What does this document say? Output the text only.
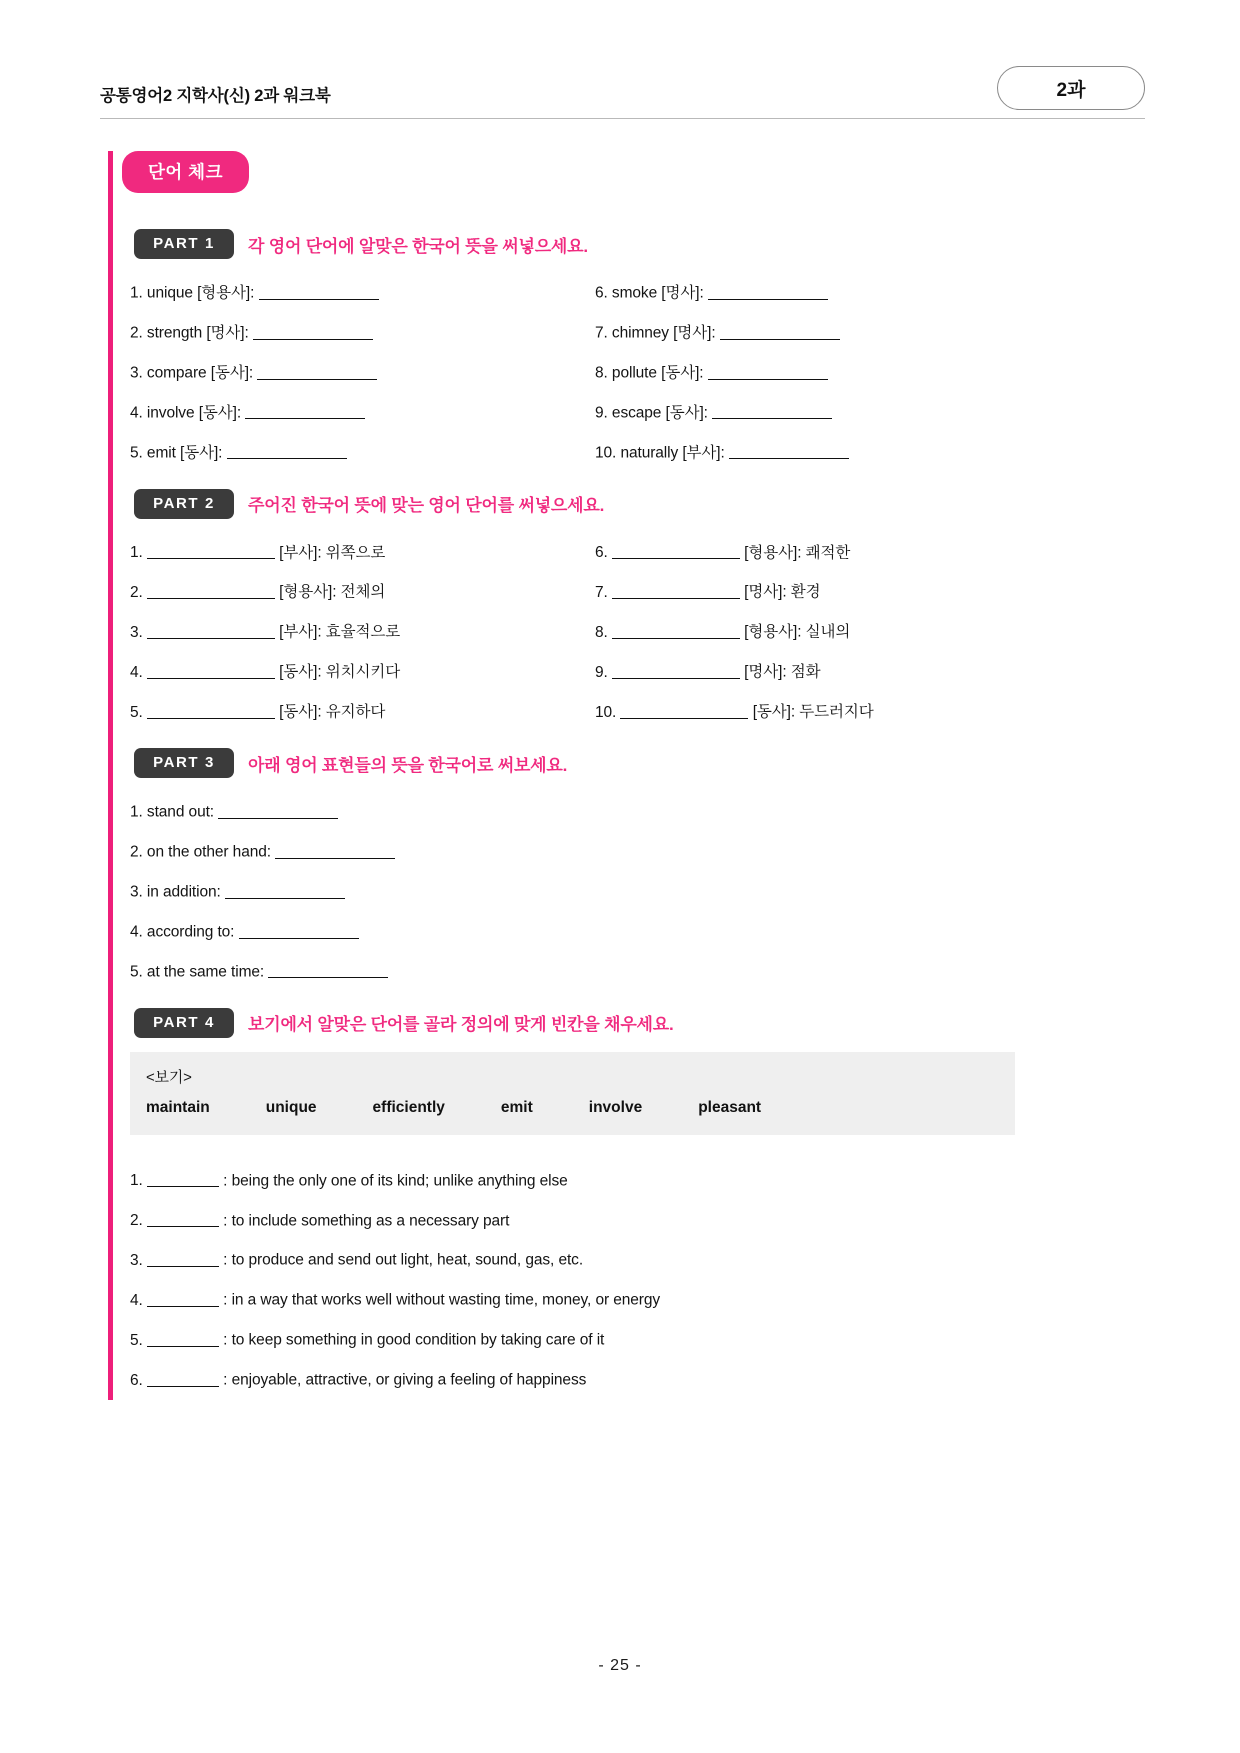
공통영어2 지학사(신) 2과 워크북	2과
단어 체크
PART 1	각 영어 단어에 알맞은 한국어 뜻을 써넣으세요.
1. unique [형용사]:	6. smoke [명사]:
2. strength [명사]:	7. chimney [명사]:
3. compare [동사]:	8. pollute [동사]:
4. involve [동사]:	9. escape [동사]:
5. emit [동사]:	10. naturally [부사]:
PART 2	주어진 한국어 뜻에 맞는 영어 단어를 써넣으세요.
1.	[부사]: 위쪽으로	6.	[형용사]: 쾌적한
2.	[형용사]: 전체의	7.	[명사]: 환경
3.	[부사]: 효율적으로	8.	[형용사]: 실내의
4.	[동사]: 위치시키다	9.	[명사]: 점화
5.	[동사]: 유지하다	10.	[동사]: 두드러지다
PART 3	아래 영어 표현들의 뜻을 한국어로 써보세요.
1. stand out:
2. on the other hand:
3. in addition:
4. according to:
5. at the same time:
PART 4	보기에서 알맞은 단어를 골라 정의에 맞게 빈칸을 채우세요.
<보기>
maintain	unique	efficiently	emit	involve	pleasant
1.	: being the only one of its kind; unlike anything else
2.	: to include something as a necessary part
3.	: to produce and send out light, heat, sound, gas, etc.
4.	: in a way that works well without wasting time, money, or energy
5.	: to keep something in good condition by taking care of it
6.	: enjoyable, attractive, or giving a feeling of happiness
- 25 -
